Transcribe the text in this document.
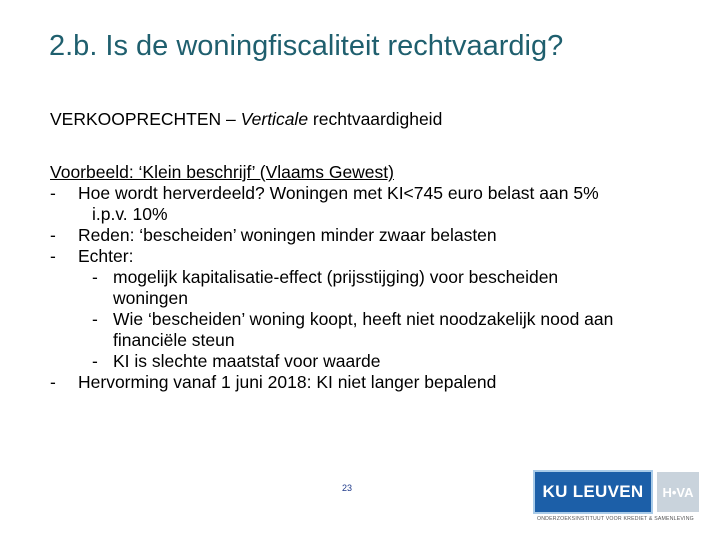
2.b. Is de woningfiscaliteit rechtvaardig?
VERKOOPRECHTEN – Verticale rechtvaardigheid
Voorbeeld: ‘Klein beschrijf’ (Vlaams Gewest)
- Hoe wordt herverdeeld? Woningen met KI<745 euro belast aan 5%
i.p.v. 10%
- Reden: ‘bescheiden’ woningen minder zwaar belasten
- Echter:
- mogelijk kapitalisatie-effect (prijsstijging) voor bescheiden
woningen
- Wie ‘bescheiden’ woning koopt, heeft niet noodzakelijk nood aan
financiële steun
- KI is slechte maatstaf voor waarde
- Hervorming vanaf 1 juni 2018: KI niet langer bepalend
23	KU LEUVEN	H•VA
ONDERZOEKSINSTITUUT VOOR KREDIET & SAMENLEVING
